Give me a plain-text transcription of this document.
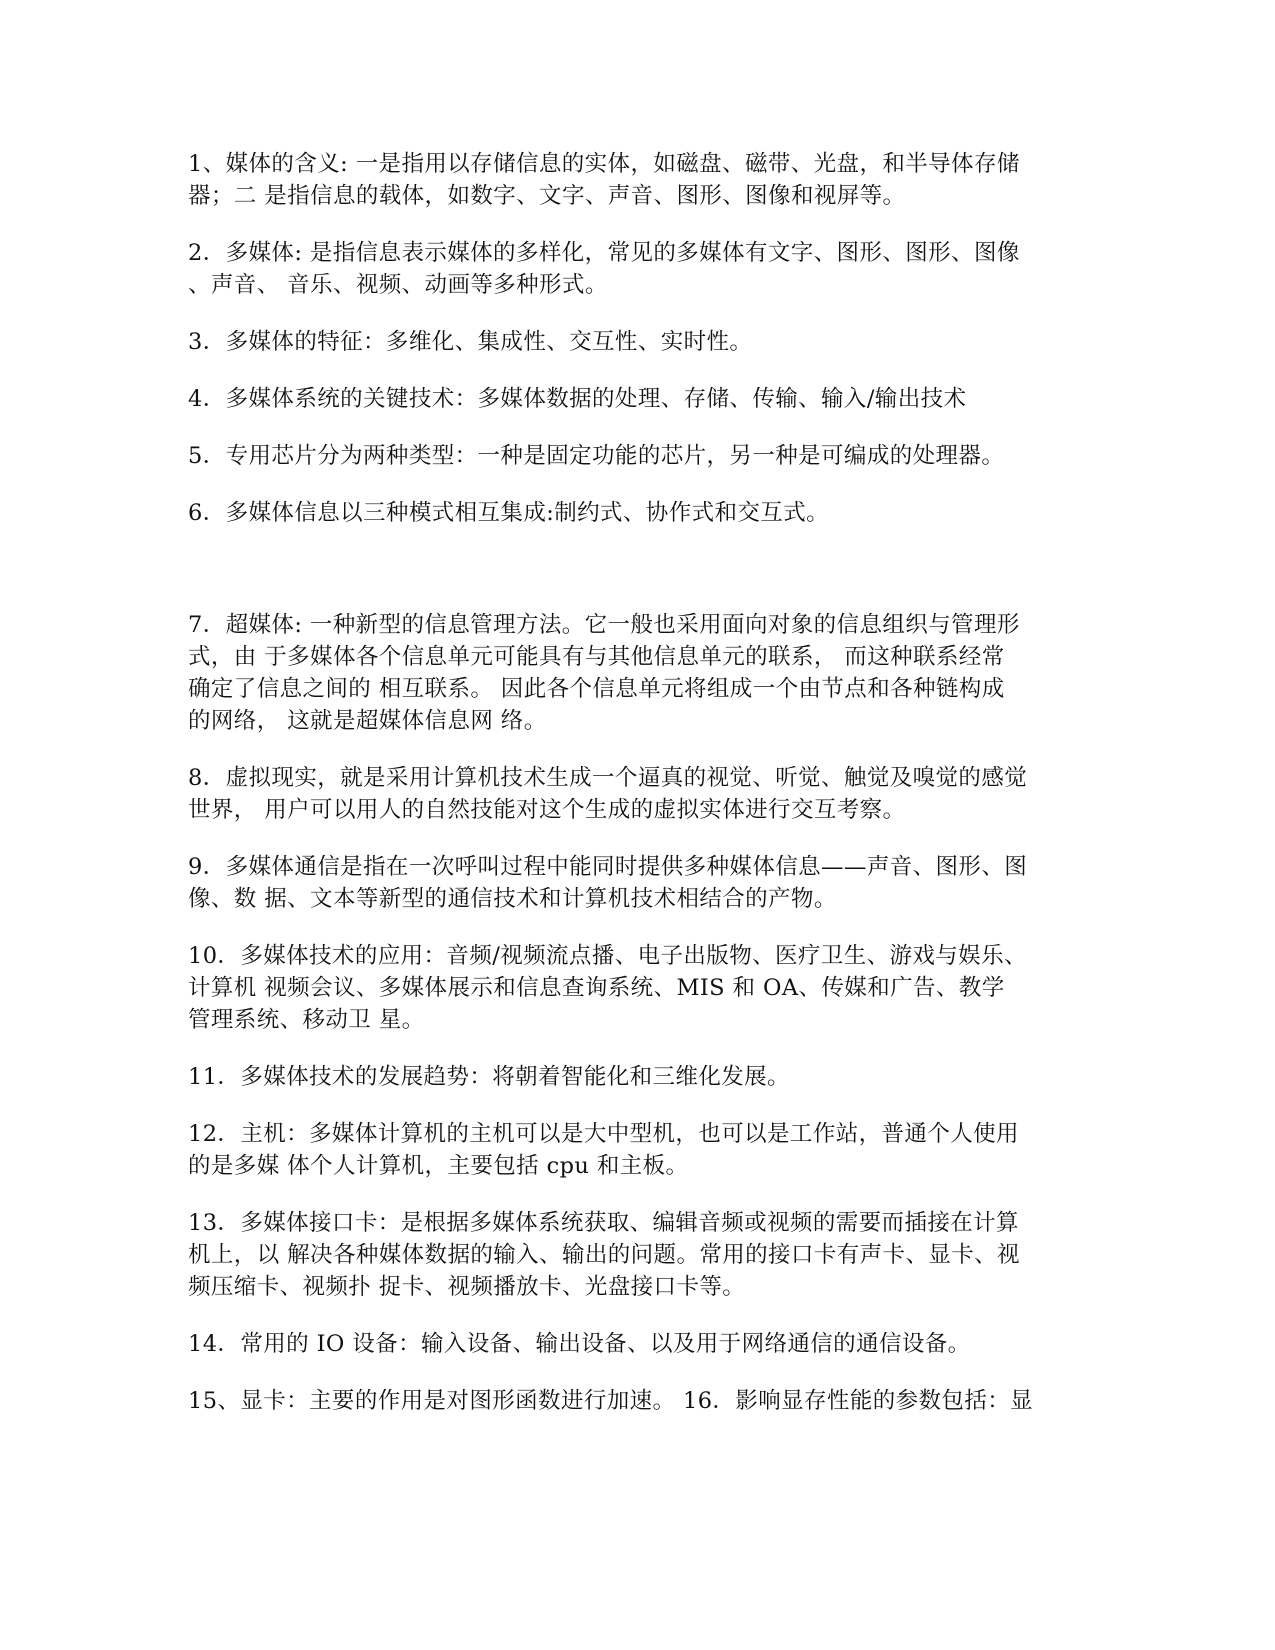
1、媒体的含义: 一是指用以存储信息的实体，如磁盘、磁带、光盘，和半导体存储
器；二 是指信息的载体，如数字、文字、声音、图形、图像和视屏等。

2．多媒体: 是指信息表示媒体的多样化，常见的多媒体有文字、图形、图形、图像
、声音、 音乐、视频、动画等多种形式。

3．多媒体的特征：多维化、集成性、交互性、实时性。

4．多媒体系统的关键技术：多媒体数据的处理、存储、传输、输入/输出技术

5．专用芯片分为两种类型：一种是固定功能的芯片，另一种是可编成的处理器。

6．多媒体信息以三种模式相互集成:制约式、协作式和交互式。

7．超媒体: 一种新型的信息管理方法。它一般也采用面向对象的信息组织与管理形
式，由 于多媒体各个信息单元可能具有与其他信息单元的联系， 而这种联系经常
确定了信息之间的 相互联系。 因此各个信息单元将组成一个由节点和各种链构成
的网络， 这就是超媒体信息网 络。

8．虚拟现实，就是采用计算机技术生成一个逼真的视觉、听觉、触觉及嗅觉的感觉
世界， 用户可以用人的自然技能对这个生成的虚拟实体进行交互考察。

9．多媒体通信是指在一次呼叫过程中能同时提供多种媒体信息——声音、图形、图
像、数 据、文本等新型的通信技术和计算机技术相结合的产物。

10．多媒体技术的应用：音频/视频流点播、电子出版物、医疗卫生、游戏与娱乐、
计算机 视频会议、多媒体展示和信息查询系统、MIS 和 OA、传媒和广告、教学
管理系统、移动卫 星。

11．多媒体技术的发展趋势：将朝着智能化和三维化发展。

12．主机：多媒体计算机的主机可以是大中型机，也可以是工作站，普通个人使用
的是多媒 体个人计算机，主要包括 cpu 和主板。

13．多媒体接口卡：是根据多媒体系统获取、编辑音频或视频的需要而插接在计算
机上，以 解决各种媒体数据的输入、输出的问题。常用的接口卡有声卡、显卡、视
频压缩卡、视频扑 捉卡、视频播放卡、光盘接口卡等。

14．常用的 IO 设备：输入设备、输出设备、以及用于网络通信的通信设备。

15、显卡：主要的作用是对图形函数进行加速。 16．影响显存性能的参数包括：显
